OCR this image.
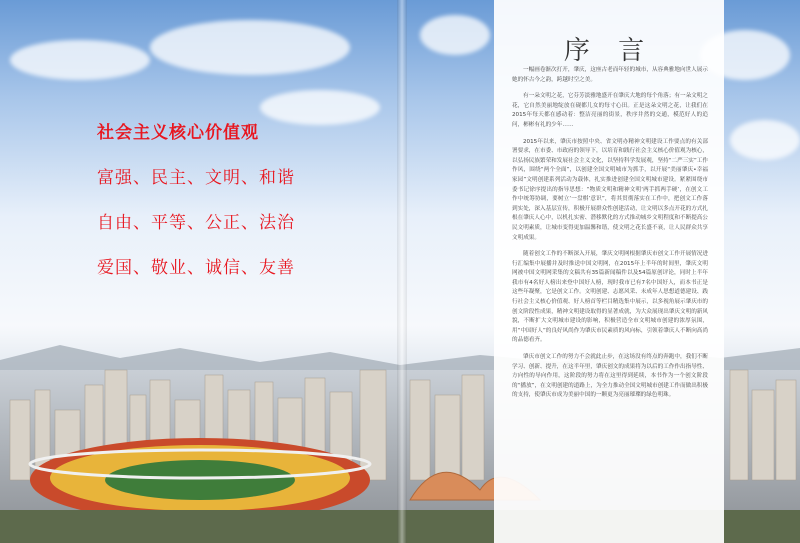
社会主义核心价值观
富强、民主、文明、和谐
自由、平等、公正、法治
爱国、敬业、诚信、友善
序 言

一幅画卷渐次打开，肇庆，这座古老而年轻的城市，从容典雅地向世人展示她的怀古今之韵，跨越时空之美。

有一朵文明之花，它芬芳淡雅地盛开在肇庆大地的每个角落；有一朵文明之花，它自然美丽地绽放在砚都儿女的每寸心田。正是这朵文明之花，让我们在2015年每天都在感动着：整洁亮丽的街景，秩序井然的交通，模范好人的追问，彬彬有礼的少年……

2015年以来，肇庆市按照中央、省文明办精神文明建设工作要点的有关部署要求，在市委、市政府的领导下，以培育和践行社会主义核心价值观为核心，以弘扬民族繁荣和发展社会主义文化，以坚持科学发展观，坚持“二严三实”工作作风，围绕“两个全面”，以创建全国文明城市为抓手，以开展“美丽肇庆•幸福家园”文明创建系列活动为载体，扎实推进创建全国文明城市建设。紧紧围绕市委书记徐序提出的指导思想：“物质文明和精神文明‘两手抓两手硬’，在创文工作中统筹协调，要树立‘一盘棋’意识”，将其贯彻落实在工作中，把创文工作落到实处，深入基层宣传，积极开展群众性创建活动，让文明以多点开花的方式扎根在肇庆人心中，以机扎实密、潜移默化的方式推动城乡文明程度和不断提高公民文明素质，让城市变得更加温馨和谐，使文明之花长盛不衰，让人民群众共享文明成果。

随着创文工作的不断深入开展，肇庆文明网根据肇庆市创文工作开展情况进行汇编集中展播并及时推送中国文明网，在2015年上半年的时间里，肇庆文明网被中国文明网采集的文稿共有35篇新闻稿件以及54篇原创评论，同时上半年我市有4名好人榜出来登中国好人榜，现时我市已有7名中国好人，而本书正是这些年凝聚，它是创文工作。文明创建、志愿风采、未成年人思想道德建设、践行社会主义核心价值观、好人榜首等栏目精选集中展示，以多视角展示肇庆市的创文阶段性成果，精神文明建设取得的显著成就，为大众展现出肇庆文明的新风貌，不断扩大文明城市建设的影响，积极营造全市文明城市创建的浓厚氛围，用“中国好人”的良好风尚作为肇庆市民素质的风向标，引领着肇庆人不断向高尚的品德看齐。

肇庆市创文工作的努力不会就此止步，在这场没有终点的奔跑中，我们不断学习、创新、提升，在这半年里，肇庆创文的成果将为以后的工作作出指导性、方向性的导向作用，这阶段的努力将在这里得到延续，本书作为一个创文阶段的“播放”，在文明创建的道路上，为全力推动全国文明城市创建工作而做出积极的支持，使肇庆市成为美丽中国的一颗更为亮丽璀璨的绿色明珠。
